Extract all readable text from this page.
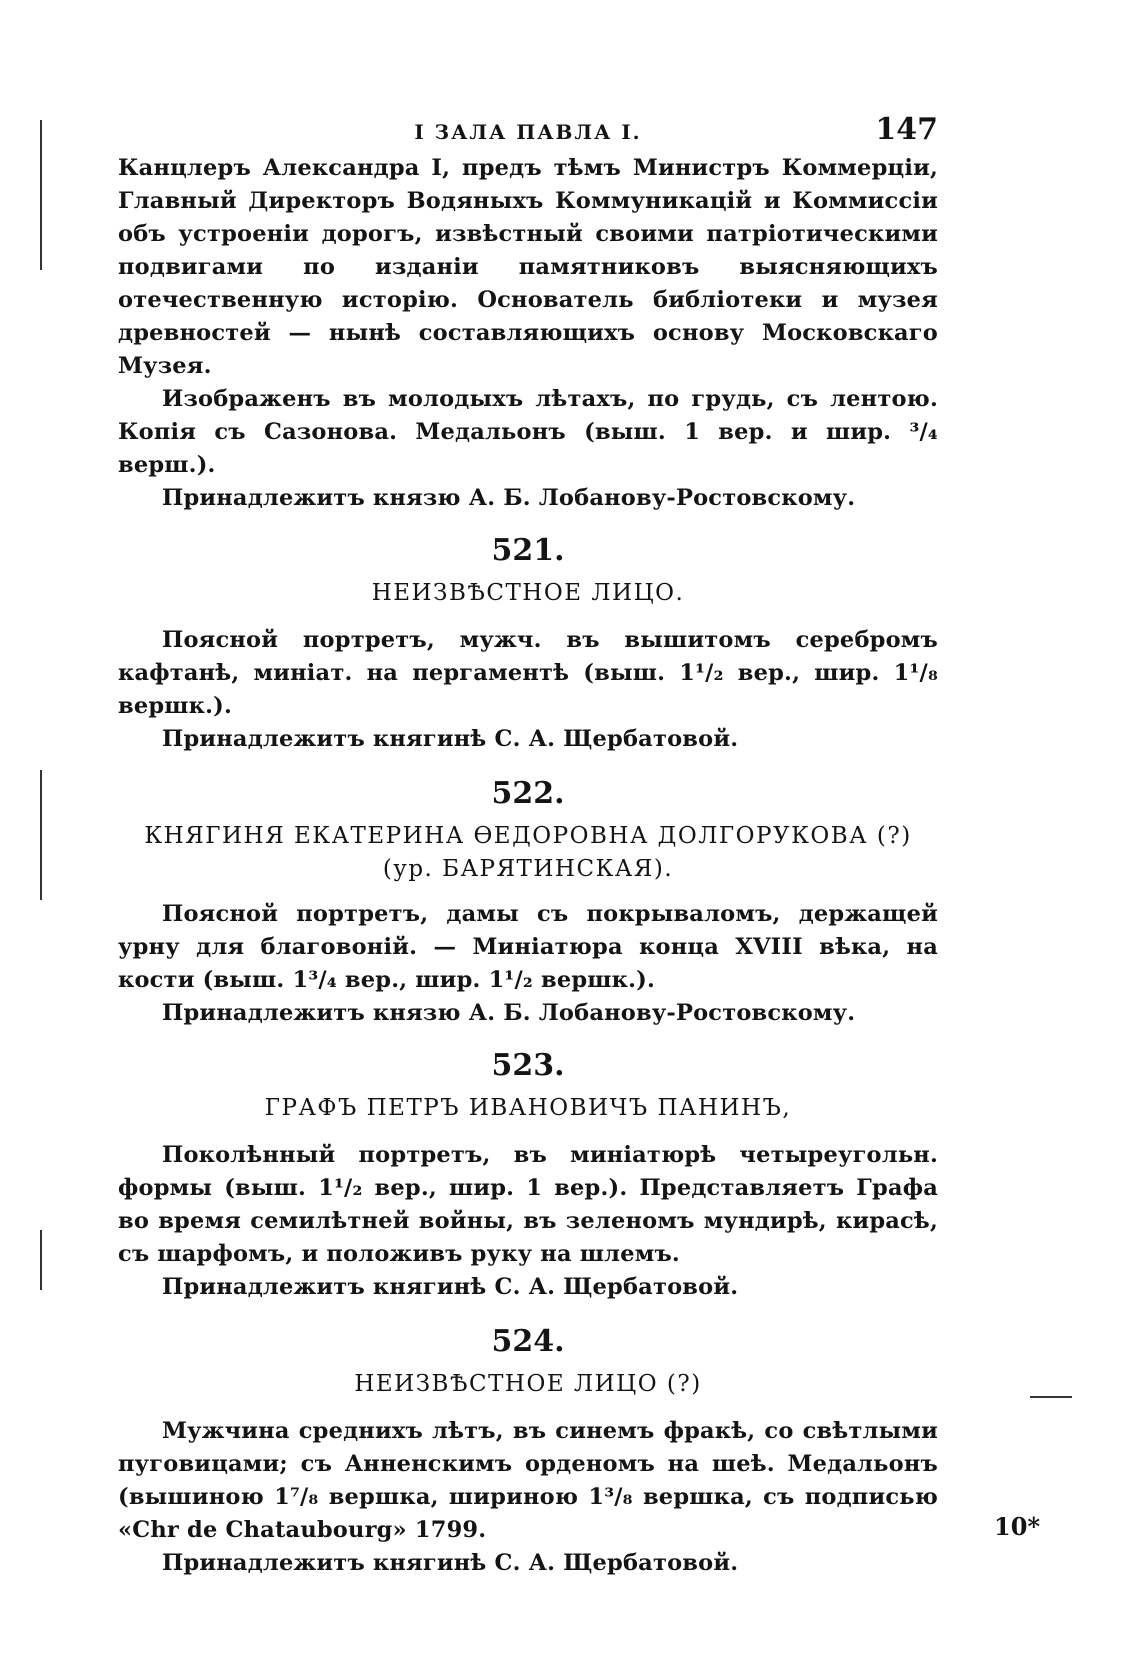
I ЗАЛА ПАВЛА I.	147

Канцлеръ Александра I, предъ тѣмъ Министръ Коммерціи, Главный Директоръ Водяныхъ Коммуникацій и Коммиссіи объ устроеніи дорогъ, извѣстный своими патріотическими подвигами по изданіи памятниковъ выясняющихъ отечественную исторію. Основатель библіотеки и музея древностей — нынѣ составляющихъ основу Московскаго Музея.

Изображенъ въ молодыхъ лѣтахъ, по грудь, съ лентою. Копія съ Сазонова. Медальонъ (выш. 1 вер. и шир. ³/₄ верш.).

Принадлежитъ князю А. Б. Лобанову-Ростовскому.

521.
НЕИЗВѢСТНОЕ ЛИЦО.

Поясной портретъ, мужч. въ вышитомъ серебромъ кафтанѣ, миніат. на пергаментѣ (выш. 1¹/₂ вер., шир. 1¹/₈ вершк.).

Принадлежитъ княгинѣ С. А. Щербатовой.

522.
КНЯГИНЯ ЕКАТЕРИНА ѲЕДОРОВНА ДОЛГОРУКОВА (?)
(ур. БАРЯТИНСКАЯ).

Поясной портретъ, дамы съ покрываломъ, держащей урну для благовоній. — Миніатюра конца XVIII вѣка, на кости (выш. 1³/₄ вер., шир. 1¹/₂ вершк.).

Принадлежитъ князю А. Б. Лобанову-Ростовскому.

523.
ГРАФЪ ПЕТРЪ ИВАНОВИЧЪ ПАНИНЪ,

Поколѣнный портретъ, въ миніатюрѣ четыреугольн. формы (выш. 1¹/₂ вер., шир. 1 вер.). Представляетъ Графа во время семилѣтней войны, въ зеленомъ мундирѣ, кирасѣ, съ шарфомъ, и положивъ руку на шлемъ.

Принадлежитъ княгинѣ С. А. Щербатовой.

524.
НЕИЗВѢСТНОЕ ЛИЦО (?)

Мужчина среднихъ лѣтъ, въ синемъ фракѣ, со свѣтлыми пуговицами; съ Анненскимъ орденомъ на шеѣ. Медальонъ (вышиною 1⁷/₈ вершка, шириною 1³/₈ вершка, съ подписью «Chr de Chataubourg» 1799.

Принадлежитъ княгинѣ С. А. Щербатовой.

10*
